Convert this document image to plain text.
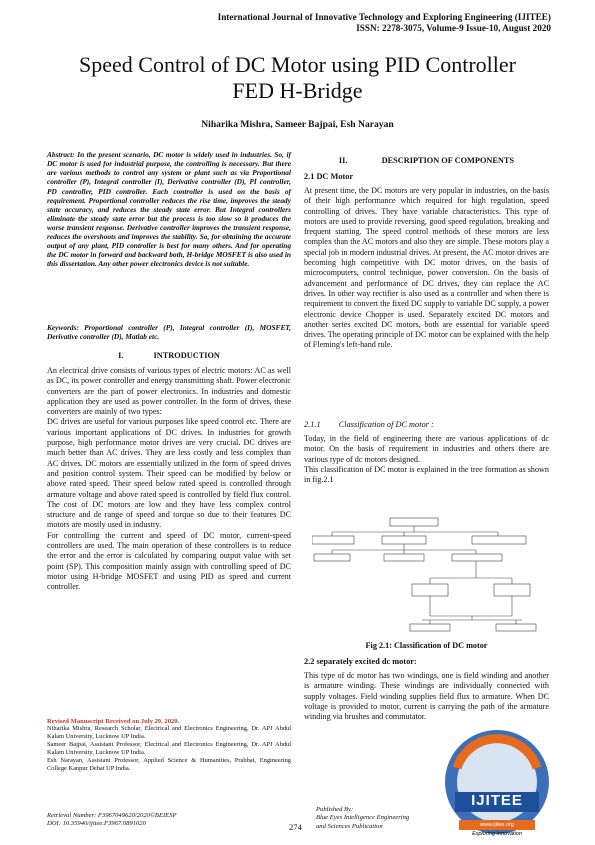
International Journal of Innovative Technology and Exploring Engineering (IJITEE)
ISSN: 2278-3075, Volume-9 Issue-10, August 2020
Speed Control of DC Motor using PID Controller
FED H-Bridge
Niharika Mishra, Sameer Bajpai, Esh Narayan

Abstract: In the present scenario, DC motor is widely used in industries. So, if DC motor is used for industrial purpose, the controlling is necessary. But there are various methods to control any system or plant such as via Proportional controller (P), Integral controller (I), Derivative controller (D), PI controller, PD controller, PID controller. Each controller is used on the basis of requirement. Proportional controller reduces the rise time, improves the steady state accuracy, and reduces the steady state error. But Integral controllers eliminate the steady state error but the process is too slow so it produces the worse transient response. Derivative controller improves the transient response, reduces the overshoots and improves the stability. So, for obtaining the accurate output of any plant, PID controller is best for many others. And for operating the DC motor in forward and backward both, H-bridge MOSFET is also used in this dissertation. Any other power electronics device is not suitable.

Keywords: Proportional controller (P), Integral controller (I), MOSFET, Derivative controller (D), Matlab etc.

I.	INTRODUCTION

An electrical drive consists of various types of electric motors: AC as well as DC, its power controller and energy transmitting shaft. Power electronic converters are the part of power electronics. In industries and domestic application they are used as power controller. In the form of drives, these converters are mainly of two types:

DC drives are useful for various purposes like speed control etc. There are various important applications of DC drives. In industries for growth purpose, high performance motor drives are very crucial. DC drives are much better than AC drives. They are less costly and less complex than AC drives. DC motors are essentially utilized in the form of speed drives and position control system. Their speed can be modified by below or above rated speed. Their speed below rated speed is controlled through armature voltage and above rated speed is controlled by field flux control. The cost of DC motors are low and they have less complex control structure and de range of speed and torque so due to their features DC motors are mostly used in industry.

For controlling the current and speed of DC motor, current-speed controllers are used. The main operation of these controllers is to reduce the error and the error is calculated by comparing output value with set point (SP). This composition mainly assign with controlling speed of DC motor using H-bridge MOSFET and using PID as speed and current controller.

Revised Manuscript Received on July 29, 2020.
Niharika Mishra, Research Scholar, Electrical and Electronics Engineering, Dr. APJ Abdul Kalam University, Lucknow UP India.
Sameer Bajpai, Assistant Professor, Electrical and Electronics Engineering, Dr. APJ Abdul Kalam University, Lucknow UP India.
Esh Narayan, Assistant Professor, Applied Science & Humanities, Prabhat, Engineering College Kanpur Dehat UP India.
Retrieval Number: F3967049620/2020©BEIESP
DOI: 10.35940/ijitee.F3967.0891020	274
Published By:
Blue Eyes Intelligence Engineering
and Sciences Publication
IJITEE
www.ijitee.org
Exploring Innovation
II.	DESCRIPTION OF COMPONENTS
2.1 DC Motor

At present time, the DC motors are very popular in industries, on the basis of their high performance which required for high regulation, speed controlling of drives. They have variable characteristics. This type of motors are used to provide reversing, good speed regulation, breaking and frequent starting. The speed control methods of these motors are less complex than the AC motors and also they are simple. These motors play a special job in modern industrial drives. At present, the AC motor drives are becoming high competitive with DC motor drives, on the basis of microcomputers, control technique, power conversion. On the basis of advancement and performance of DC drives, they can replace the AC drives. In other way rectifier is also used as a controller and when there is requirement to convert the fixed DC supply to variable DC supply, a power electronic device Chopper is used. Separately excited DC motors and another series excited DC motors, both are essential for variable speed drives. The operating principle of DC motor can be explained with the help of Fleming's left-hand rule.

2.1.1 Classification of DC motor :

Today, in the field of engineering there are various applications of dc motor. On the basis of requirement in industries and others there are various type of dc motors designed.

This classification of DC motor is explained in the tree formation as shown in fig.2.1

Fig 2.1: Classification of DC motor
2.2 separately excited dc motor:

This type of dc motor has two windings, one is field winding and another is armature winding. These windings are individually connected with supply voltages. Field winding supplies field flux to armature. When DC voltage is provided to motor, current is carrying the path of the armature winding via brushes and commutator.
